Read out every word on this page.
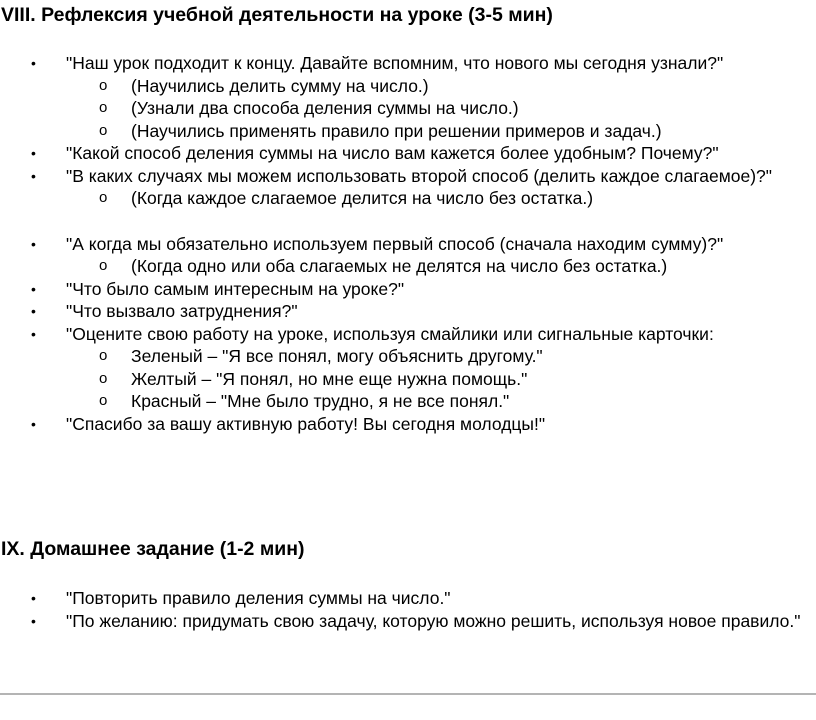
VIII. Рефлексия учебной деятельности на уроке (3-5 мин)
• "Наш урок подходит к концу. Давайте вспомним, что нового мы сегодня узнали?"
o (Научились делить сумму на число.)
o (Узнали два способа деления суммы на число.)
o (Научились применять правило при решении примеров и задач.)
• "Какой способ деления суммы на число вам кажется более удобным? Почему?"
• "В каких случаях мы можем использовать второй способ (делить каждое слагаемое)?"
o (Когда каждое слагаемое делится на число без остатка.)
• "А когда мы обязательно используем первый способ (сначала находим сумму)?"
o (Когда одно или оба слагаемых не делятся на число без остатка.)
• "Что было самым интересным на уроке?"
• "Что вызвало затруднения?"
• "Оцените свою работу на уроке, используя смайлики или сигнальные карточки:
o Зеленый – "Я все понял, могу объяснить другому."
o Желтый – "Я понял, но мне еще нужна помощь."
o Красный – "Мне было трудно, я не все понял."
• "Спасибо за вашу активную работу! Вы сегодня молодцы!"
IX. Домашнее задание (1-2 мин)
• "Повторить правило деления суммы на число."
• "По желанию: придумать свою задачу, которую можно решить, используя новое правило."
